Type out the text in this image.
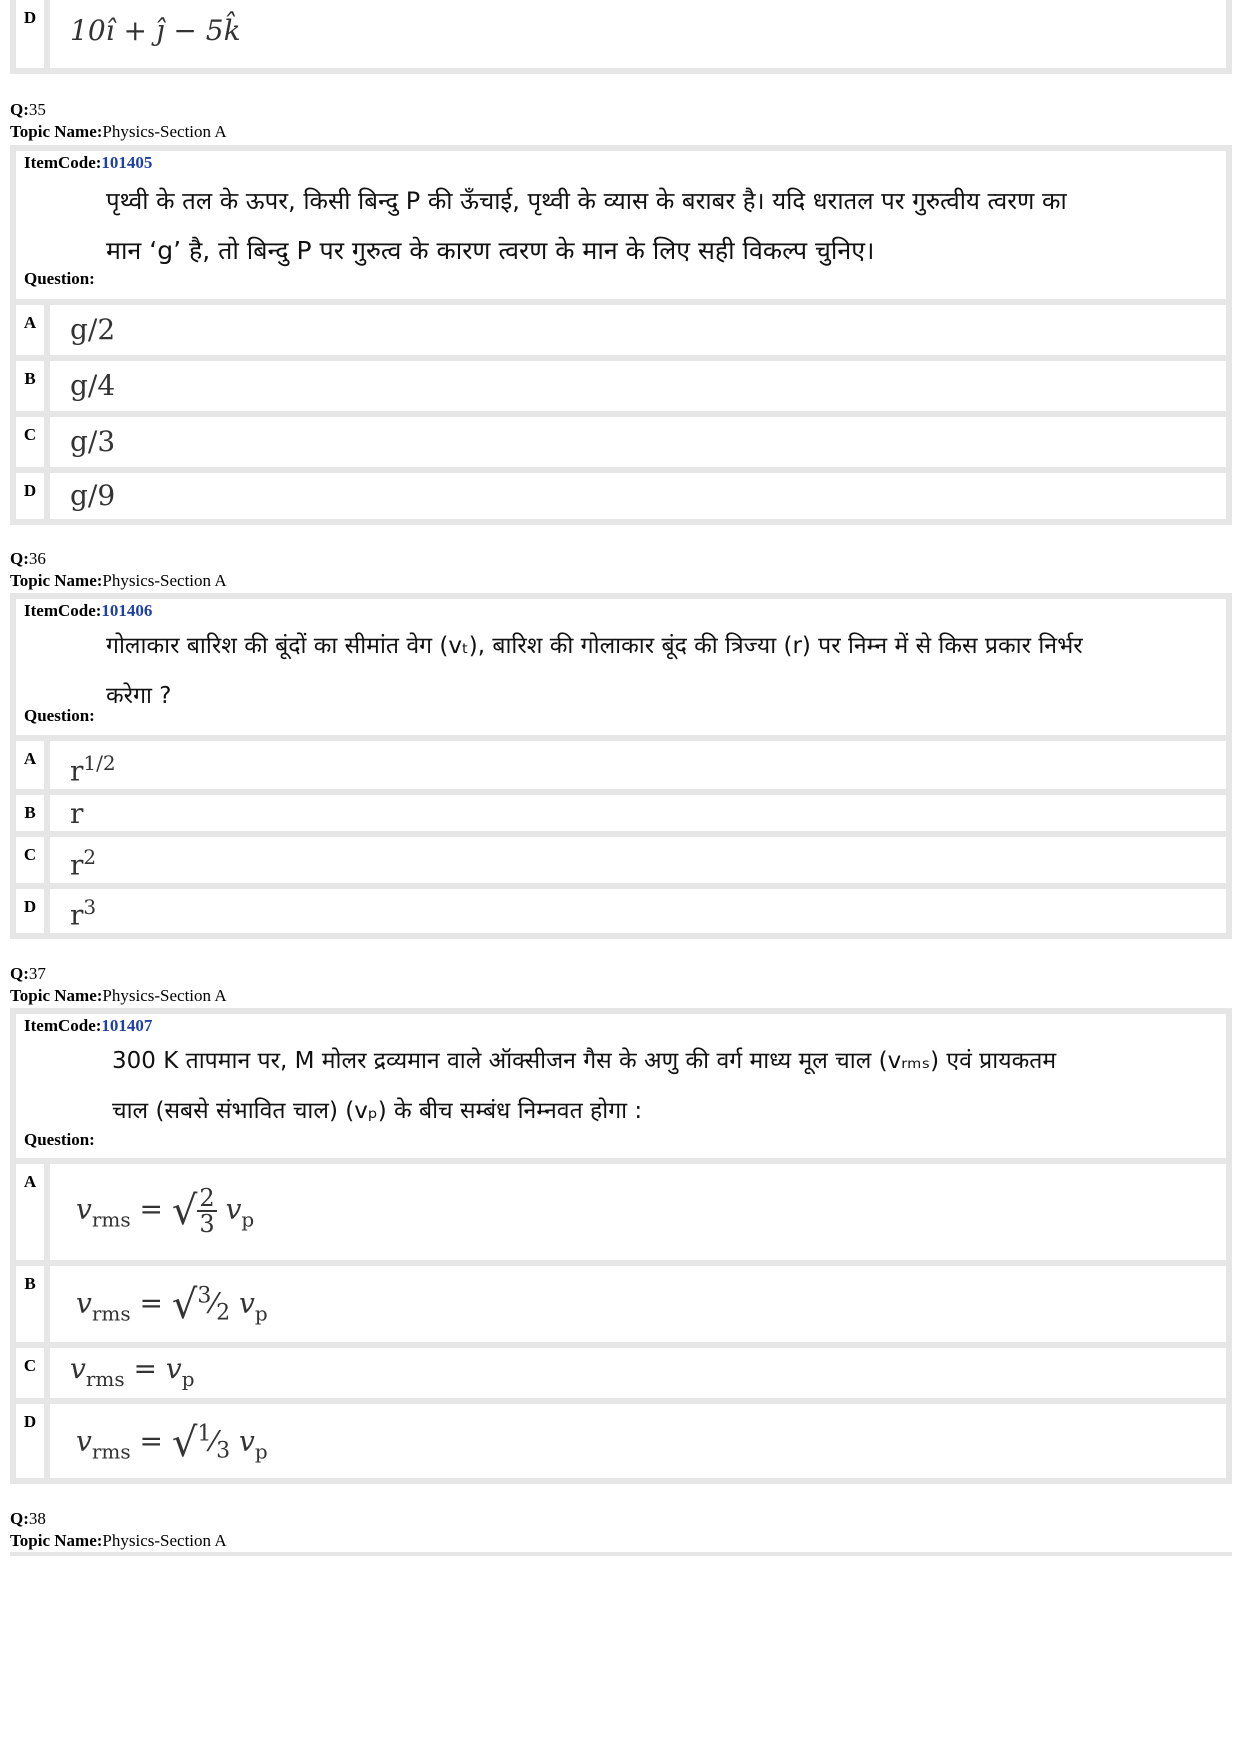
D	10î + ĵ − 5k̂
Q:35
Topic Name:Physics-Section A
ItemCode:101405
पृथ्वी के तल के ऊपर, किसी बिन्दु P की ऊँचाई, पृथ्वी के व्यास के बराबर है। यदि धरातल पर गुरुत्वीय त्वरण का
मान ‘g’ है, तो बिन्दु P पर गुरुत्व के कारण त्वरण के मान के लिए सही विकल्प चुनिए।
Question:
A	g/2
B	g/4
C	g/3
D	g/9
Q:36
Topic Name:Physics-Section A
ItemCode:101406
गोलाकार बारिश की बूंदों का सीमांत वेग (vₜ), बारिश की गोलाकार बूंद की त्रिज्या (r) पर निम्न में से किस प्रकार निर्भर
करेगा ?
Question:
A	$r^{1/2}$
B	r
C	$r^2$
D	$r^3$
Q:37
Topic Name:Physics-Section A
ItemCode:101407
300 K तापमान पर, M मोलर द्रव्यमान वाले ऑक्सीजन गैस के अणु की वर्ग माध्य मूल चाल (vᵣₘₛ) एवं प्रायकतम
चाल (सबसे संभावित चाल) (vₚ) के बीच सम्बंध निम्नवत होगा :
Question:
A
$v_{rms}$ = √ $\frac{2}{3} v_p$
B
$v_{rms}$ = $√^3⁄_2$ $v_p$
C	$v_{rms} = v_p$
D
$v_{rms}$ = $√^1⁄_3$ $v_p$
Q:38
Topic Name:Physics-Section A
